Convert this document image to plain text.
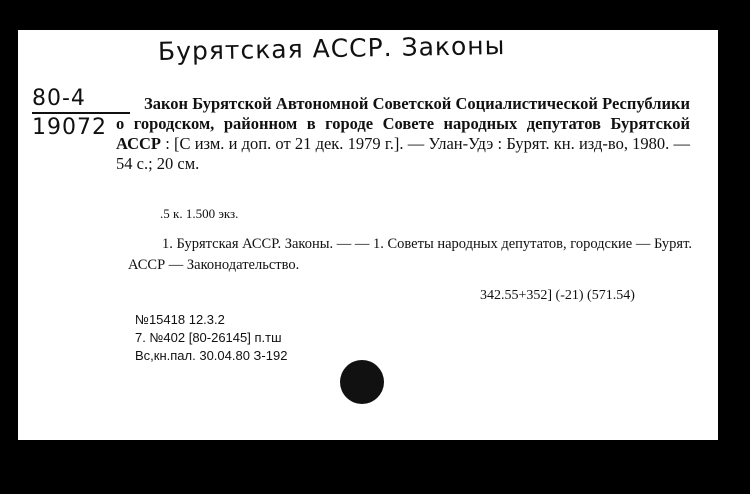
Бурятская АССР. Законы
80-4
19072
Закон Бурятской Автономной Советской Социалистической Республики о городском, районном в городе Совете народных депутатов Бурятской АССР : [С изм. и доп. от 21 дек. 1979 г.]. — Улан-Удэ : Бурят. кн. изд-во, 1980. — 54 с.; 20 см.
.5 к. 1.500 экз.
1. Бурятская АССР. Законы. — — 1. Советы народных депутатов, городские — Бурят. АССР — Законодательство.
342.55+352] (-21) (571.54)
№15418 12.3.2
7. №402 [80-26145] п.тш
Вс,кн.пал. 30.04.80 З-192
